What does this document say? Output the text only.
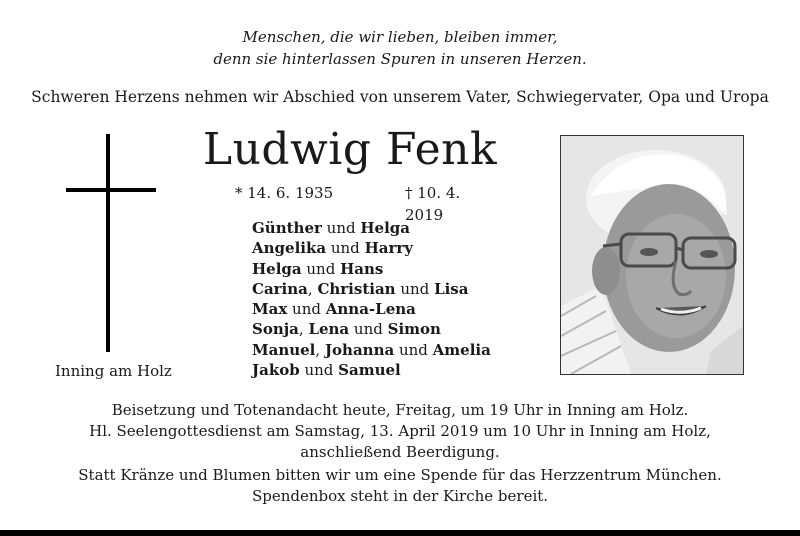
Menschen, die wir lieben, bleiben immer,
denn sie hinterlassen Spuren in unseren Herzen.
Schweren Herzens nehmen wir Abschied von unserem Vater, Schwiegervater, Opa und Uropa
Ludwig Fenk
* 14. 6. 1935	† 10. 4. 2019
Inning am Holz
Günther und Helga
Angelika und Harry
Helga und Hans
Carina, Christian und Lisa
Max und Anna-Lena
Sonja, Lena und Simon
Manuel, Johanna und Amelia
Jakob und Samuel
Beisetzung und Totenandacht heute, Freitag, um 19 Uhr in Inning am Holz.
Hl. Seelengottesdienst am Samstag, 13. April 2019 um 10 Uhr in Inning am Holz,
anschließend Beerdigung.
Statt Kränze und Blumen bitten wir um eine Spende für das Herzzentrum München.
Spendenbox steht in der Kirche bereit.
